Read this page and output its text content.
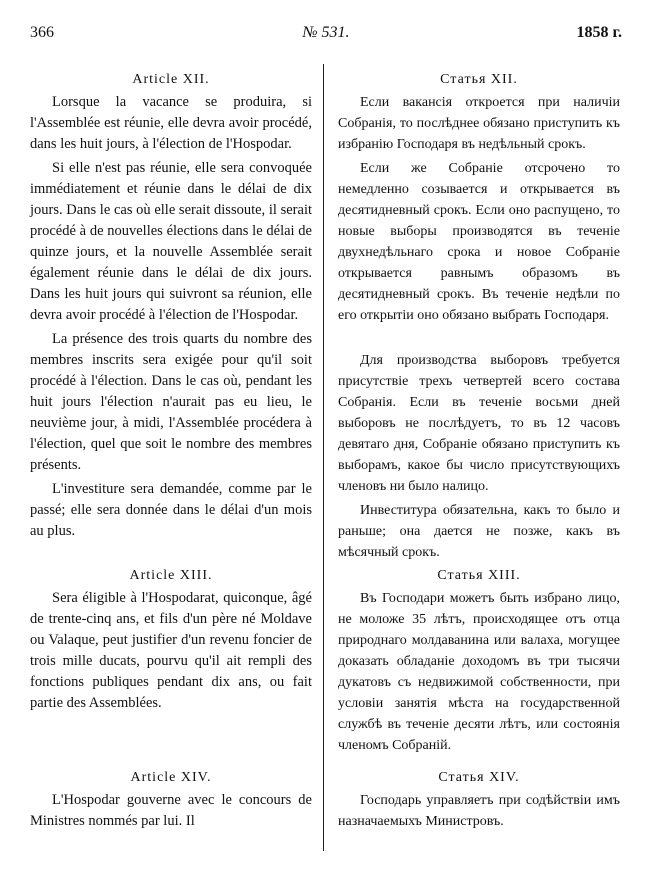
366	№ 531.	1858 г.
Article XII.

Lorsque la vacance se produira, si l'Assemblée est réunie, elle devra avoir procédé, dans les huit jours, à l'élection de l'Hospodar.

Si elle n'est pas réunie, elle sera convoquée immédiatement et réunie dans le délai de dix jours. Dans le cas où elle serait dissoute, il serait procédé à de nouvelles élections dans le délai de quinze jours, et la nouvelle Assemblée serait également réunie dans le délai de dix jours. Dans les huit jours qui suivront sa réunion, elle devra avoir procédé à l'élection de l'Hospodar.

La présence des trois quarts du nombre des membres inscrits sera exigée pour qu'il soit procédé à l'élection. Dans le cas où, pendant les huit jours l'élection n'aurait pas eu lieu, le neuvième jour, à midi, l'Assemblée procédera à l'élection, quel que soit le nombre des membres présents.

L'investiture sera demandée, comme par le passé; elle sera donnée dans le délai d'un mois au plus.

Article XIII.

Sera éligible à l'Hospodarat, quiconque, âgé de trente-cinq ans, et fils d'un père né Moldave ou Valaque, peut justifier d'un revenu foncier de trois mille ducats, pourvu qu'il ait rempli des fonctions publiques pendant dix ans, ou fait partie des Assemblées.

Article XIV.

L'Hospodar gouverne avec le concours de Ministres nommés par lui. Il

Статья XII.

Если вакансія откроется при наличіи Собранія, то послѣднее обязано приступить къ избранію Господаря въ недѣльный срокъ.

Если же Собраніе отсрочено то немедленно созывается и открывается въ десятидневный срокъ. Если оно распущено, то новые выборы производятся въ теченіе двухнедѣльнаго срока и новое Собраніе открывается равнымъ образомъ въ десятидневный срокъ. Въ теченіе недѣли по его открытіи оно обязано выбрать Господаря.

Для производства выборовъ требуется присутствіе трехъ четвертей всего состава Собранія. Если въ теченіе восьми дней выборовъ не послѣдуетъ, то въ 12 часовъ девятаго дня, Собраніе обязано приступить къ выборамъ, какое бы число присутствующихъ членовъ ни было налицо.

Инвеститура обязательна, какъ то было и раньше; она дается не позже, какъ въ мѣсячный срокъ.

Статья XIII.

Въ Господари можетъ быть избрано лицо, не моложе 35 лѣтъ, происходящее отъ отца природнаго молдаванина или валаха, могущее доказать обладаніе доходомъ въ три тысячи дукатовъ съ недвижимой собственности, при условіи занятія мѣста на государственной службѣ въ теченіе десяти лѣтъ, или состоянія членомъ Собраній.

Статья XIV.

Господарь управляетъ при содѣйствіи имъ назначаемыхъ Министровъ.
